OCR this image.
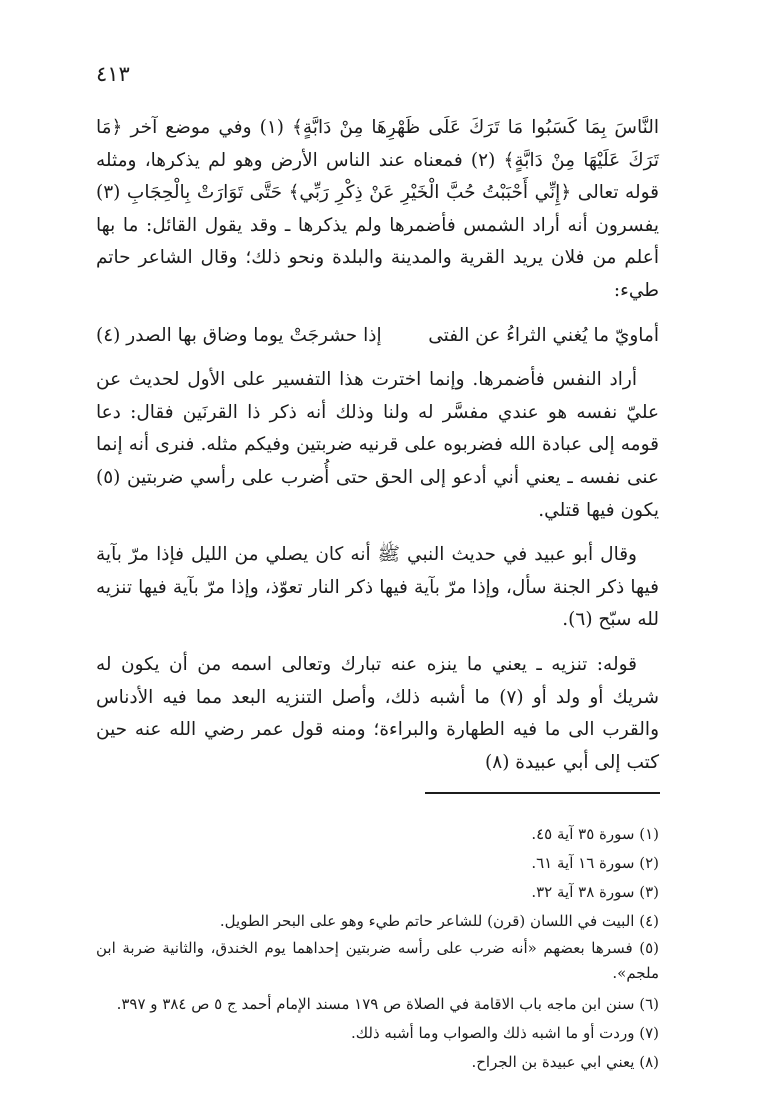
٤١٣

النَّاسَ بِمَا كَسَبُوا مَا تَرَكَ عَلَى ظَهْرِهَا مِنْ دَابَّةٍ﴾ (١) وفي موضع آخر ﴿مَا تَرَكَ عَلَيْهَا مِنْ دَابَّةٍ﴾ (٢) فمعناه عند الناس الأرض وهو لم يذكرها، ومثله قوله تعالى ﴿إِنِّي أَحْبَبْتُ حُبَّ الْخَيْرِ عَنْ ذِكْرِ رَبِّي﴾ حَتَّى تَوَارَتْ بِالْحِجَابِ (٣) يفسرون أنه أراد الشمس فأضمرها ولم يذكرها ـ وقد يقول القائل: ما بها أعلم من فلان يريد القرية والمدينة والبلدة ونحو ذلك؛ وقال الشاعر حاتم طيء:

أماويّ ما يُغني الثراءُ عن الفتى
إذا حشرجَتْ يوما وضاق بها الصدر (٤)

أراد النفس فأضمرها. وإنما اخترت هذا التفسير على الأول لحديث عن عليّ نفسه هو عندي مفسَّر له ولنا وذلك أنه ذكر ذا القرنَين فقال: دعا قومه إلى عبادة الله فضربوه على قرنيه ضربتين وفيكم مثله. فنرى أنه إنما عنى نفسه ـ يعني أني أدعو إلى الحق حتى أُضرب على رأسي ضربتين (٥) يكون فيها قتلي.

وقال أبو عبيد في حديث النبي ﷺ أنه كان يصلي من الليل فإذا مرّ بآية فيها ذكر الجنة سأل، وإذا مرّ بآية فيها ذكر النار تعوّذ، وإذا مرّ بآية فيها تنزيه لله سبّح (٦).

قوله: تنزيه ـ يعني ما ينزه عنه تبارك وتعالى اسمه من أن يكون له شريك أو ولد أو (٧) ما أشبه ذلك، وأصل التنزيه البعد مما فيه الأدناس والقرب الى ما فيه الطهارة والبراءة؛ ومنه قول عمر رضي الله عنه حين كتب إلى أبي عبيدة (٨)

(١) سورة ٣٥ آية ٤٥.

(٢) سورة ١٦ آية ٦١.

(٣) سورة ٣٨ آية ٣٢.

(٤) البيت في اللسان (قرن) للشاعر حاتم طيء وهو على البحر الطويل.

(٥) فسرها بعضهم «أنه ضرب على رأسه ضربتين إحداهما يوم الخندق، والثانية ضربة ابن ملجم».

(٦) سنن ابن ماجه باب الاقامة في الصلاة ص ١٧٩ مسند الإمام أحمد ج ٥ ص ٣٨٤ و ٣٩٧.

(٧) وردت أو ما اشبه ذلك والصواب وما أشبه ذلك.

(٨) يعني ابي عبيدة بن الجراح.
